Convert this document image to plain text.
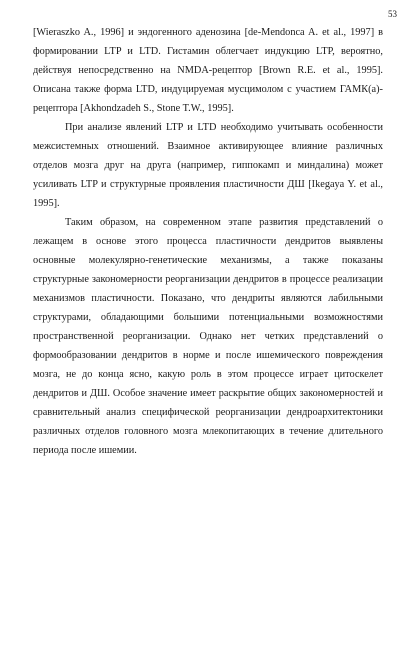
53

[Wieraszko A., 1996] и эндогенного аденозина [de-Mendonca A. et al., 1997] в формировании LTP и LTD. Гистамин облегчает индукцию LTP, вероятно, действуя непосредственно на NMDA-рецептор [Brown R.E. et al., 1995]. Описана также форма LTD, индуцируемая мусцимолом с участием ГАМК(а)-рецептора [Akhondzadeh S., Stone T.W., 1995].

При анализе явлений LTP и LTD необходимо учитывать особенности межсистемных отношений. Взаимное активирующее влияние различных отделов мозга друг на друга (например, гиппокамп и миндалина) может усиливать LTP и структурные проявления пластичности ДШ [Ikegaya Y. et al., 1995].

Таким образом, на современном этапе развития представлений о лежащем в основе этого процесса пластичности дендритов выявлены основные молекулярно-генетические механизмы, а также показаны структурные закономерности реорганизации дендритов в процессе реализации механизмов пластичности. Показано, что дендриты являются лабильными структурами, обладающими большими потенциальными возможностями пространственной реорганизации. Однако нет четких представлений о формообразовании дендритов в норме и после ишемического повреждения мозга, не до конца ясно, какую роль в этом процессе играет цитоскелет дендритов и ДШ. Особое значение имеет раскрытие общих закономерностей и сравнительный анализ специфической реорганизации дендроархитектоники различных отделов головного мозга млекопитающих в течение длительного периода после ишемии.
